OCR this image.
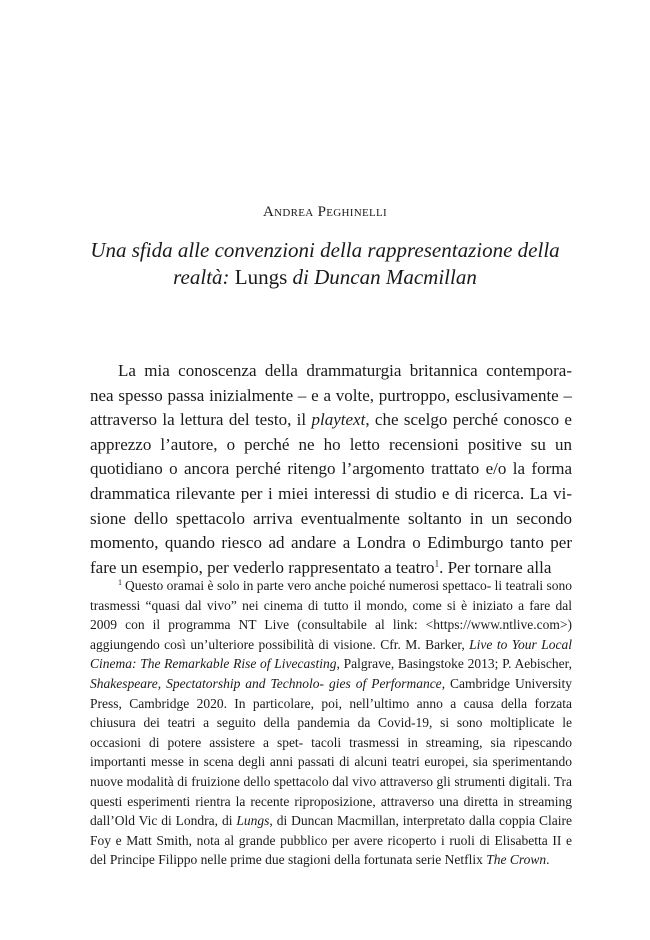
Andrea Peghinelli
Una sfida alle convenzioni della rappresentazione della realtà: Lungs di Duncan Macmillan
La mia conoscenza della drammaturgia britannica contempora- nea spesso passa inizialmente – e a volte, purtroppo, esclusivamente – attraverso la lettura del testo, il playtext, che scelgo perché conosco e apprezzo l’autore, o perché ne ho letto recensioni positive su un quotidiano o ancora perché ritengo l’argomento trattato e/o la forma drammatica rilevante per i miei interessi di studio e di ricerca. La vi- sione dello spettacolo arriva eventualmente soltanto in un secondo momento, quando riesco ad andare a Londra o Edimburgo tanto per fare un esempio, per vederlo rappresentato a teatro$^1$. Per tornare alla
$^1$ Questo oramai è solo in parte vero anche poiché numerosi spettaco- li teatrali sono trasmessi “quasi dal vivo” nei cinema di tutto il mondo, come si è iniziato a fare dal 2009 con il programma NT Live (consultabile al link: <https://www.ntlive.com>) aggiungendo così un’ulteriore possibilità di visione. Cfr. M. Barker, Live to Your Local Cinema: The Remarkable Rise of Livecasting, Palgrave, Basingstoke 2013; P. Aebischer, Shakespeare, Spectatorship and Technolo- gies of Performance, Cambridge University Press, Cambridge 2020. In particolare, poi, nell’ultimo anno a causa della forzata chiusura dei teatri a seguito della pandemia da Covid-19, si sono moltiplicate le occasioni di potere assistere a spet- tacoli trasmessi in streaming, sia ripescando importanti messe in scena degli anni passati di alcuni teatri europei, sia sperimentando nuove modalità di fruizione dello spettacolo dal vivo attraverso gli strumenti digitali. Tra questi esperimenti rientra la recente riproposizione, attraverso una diretta in streaming dall’Old Vic di Londra, di Lungs, di Duncan Macmillan, interpretato dalla coppia Claire Foy e Matt Smith, nota al grande pubblico per avere ricoperto i ruoli di Elisabetta II e del Principe Filippo nelle prime due stagioni della fortunata serie Netflix The Crown.
